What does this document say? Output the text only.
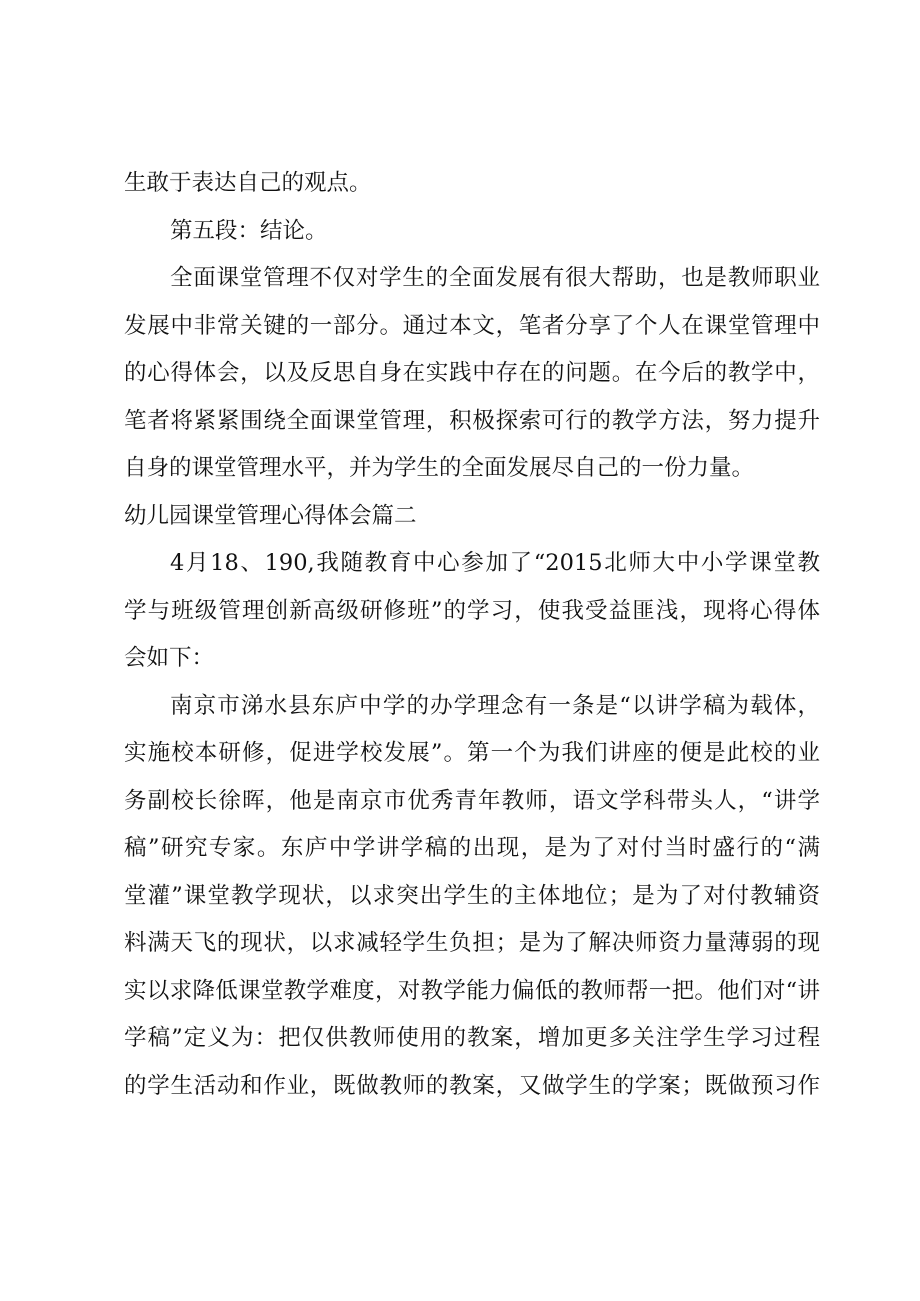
生敢于表达自己的观点。
第五段：结论。
全面课堂管理不仅对学生的全面发展有很大帮助，也是教师职业
发展中非常关键的一部分。通过本文，笔者分享了个人在课堂管理中
的心得体会，以及反思自身在实践中存在的问题。在今后的教学中，
笔者将紧紧围绕全面课堂管理，积极探索可行的教学方法，努力提升
自身的课堂管理水平，并为学生的全面发展尽自己的一份力量。
幼儿园课堂管理心得体会篇二
4月18、190,我随教育中心参加了“2015北师大中小学课堂教
学与班级管理创新高级研修班”的学习，使我受益匪浅，现将心得体
会如下：
南京市涕水县东庐中学的办学理念有一条是“以讲学稿为载体，
实施校本研修，促进学校发展”。第一个为我们讲座的便是此校的业
务副校长徐晖，他是南京市优秀青年教师，语文学科带头人，“讲学
稿”研究专家。东庐中学讲学稿的出现，是为了对付当时盛行的“满
堂灌”课堂教学现状，以求突出学生的主体地位；是为了对付教辅资
料满天飞的现状，以求减轻学生负担；是为了解决师资力量薄弱的现
实以求降低课堂教学难度，对教学能力偏低的教师帮一把。他们对“讲
学稿”定义为：把仅供教师使用的教案，增加更多关注学生学习过程
的学生活动和作业，既做教师的教案，又做学生的学案；既做预习作
